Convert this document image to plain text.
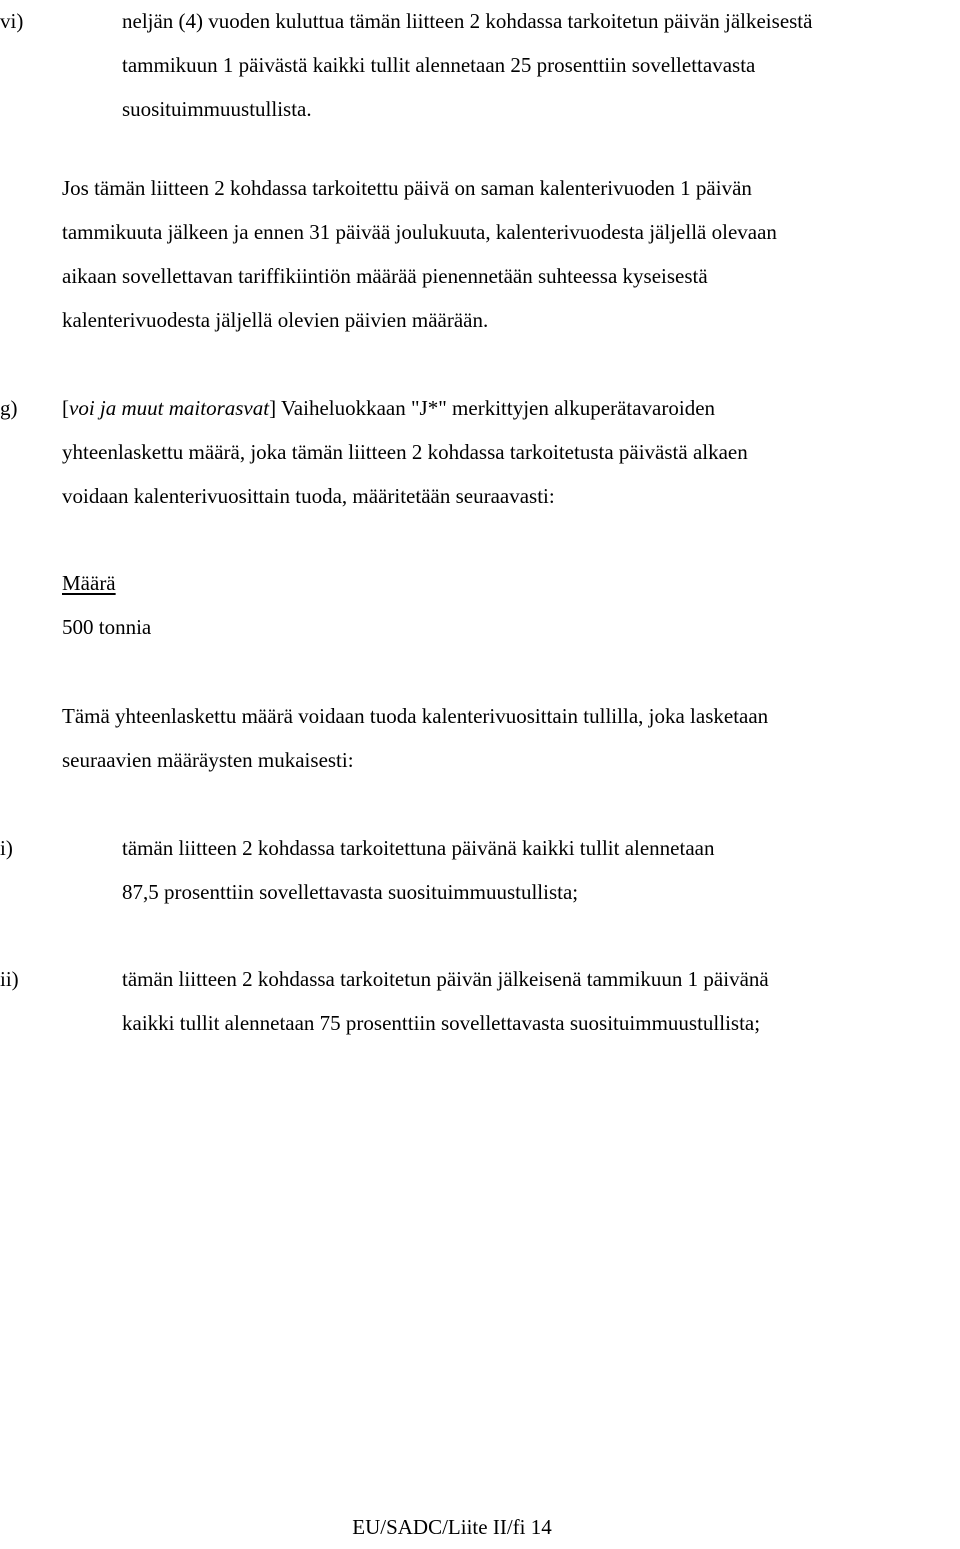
vi)	neljän (4) vuoden kuluttua tämän liitteen 2 kohdassa tarkoitetun päivän jälkeisestä
tammikuun 1 päivästä kaikki tullit alennetaan 25 prosenttiin sovellettavasta
suosituimmuustullista.
Jos tämän liitteen 2 kohdassa tarkoitettu päivä on saman kalenterivuoden 1 päivän
tammikuuta jälkeen ja ennen 31 päivää joulukuuta, kalenterivuodesta jäljellä olevaan
aikaan sovellettavan tariffikiintiön määrää pienennetään suhteessa kyseisestä
kalenterivuodesta jäljellä olevien päivien määrään.
g) [voi ja muut maitorasvat] Vaiheluokkaan "J*" merkittyjen alkuperätavaroiden
yhteenlaskettu määrä, joka tämän liitteen 2 kohdassa tarkoitetusta päivästä alkaen
voidaan kalenterivuosittain tuoda, määritetään seuraavasti:
Määrä
500 tonnia
Tämä yhteenlaskettu määrä voidaan tuoda kalenterivuosittain tullilla, joka lasketaan
seuraavien määräysten mukaisesti:
i)	tämän liitteen 2 kohdassa tarkoitettuna päivänä kaikki tullit alennetaan
87,5 prosenttiin sovellettavasta suosituimmuustullista;
ii)	tämän liitteen 2 kohdassa tarkoitetun päivän jälkeisenä tammikuun 1 päivänä
kaikki tullit alennetaan 75 prosenttiin sovellettavasta suosituimmuustullista;
EU/SADC/Liite II/fi 14
